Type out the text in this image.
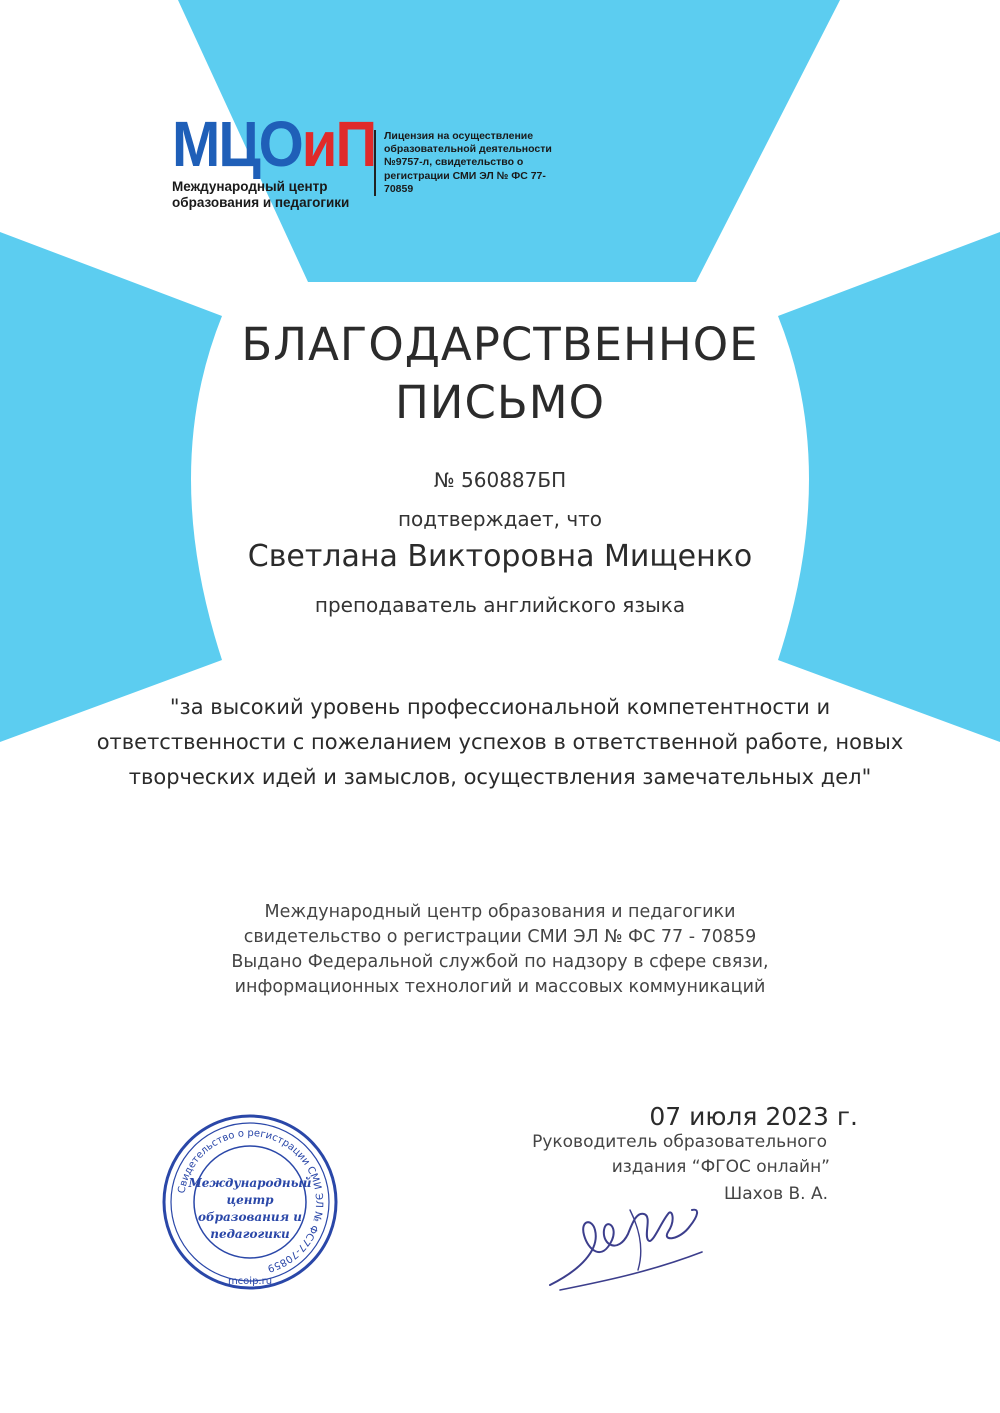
МЦОиП
Международный центр
образования и педагогики
Лицензия на осуществление образовательной деятельности №9757-л, свидетельство о регистрации СМИ ЭЛ № ФС 77-70859
БЛАГОДАРСТВЕННОЕ
ПИСЬМО
№ 560887БП
подтверждает, что
Светлана Викторовна Мищенко
преподаватель английского языка
"за высокий уровень профессиональной компетентности и
ответственности с пожеланием успехов в ответственной работе, новых
творческих идей и замыслов, осуществления замечательных дел"
Международный центр образования и педагогики
свидетельство о регистрации СМИ ЭЛ № ФС 77 - 70859
Выдано Федеральной службой по надзору в сфере связи,
информационных технологий и массовых коммуникаций
07 июля 2023 г.
Руководитель образовательного
издания “ФГОС онлайн”
Шахов В. А.
Свидетельство о регистрации СМИ ЭЛ № ФС77-70859
mcoip.ru
Международный
центр
образования и
педагогики
